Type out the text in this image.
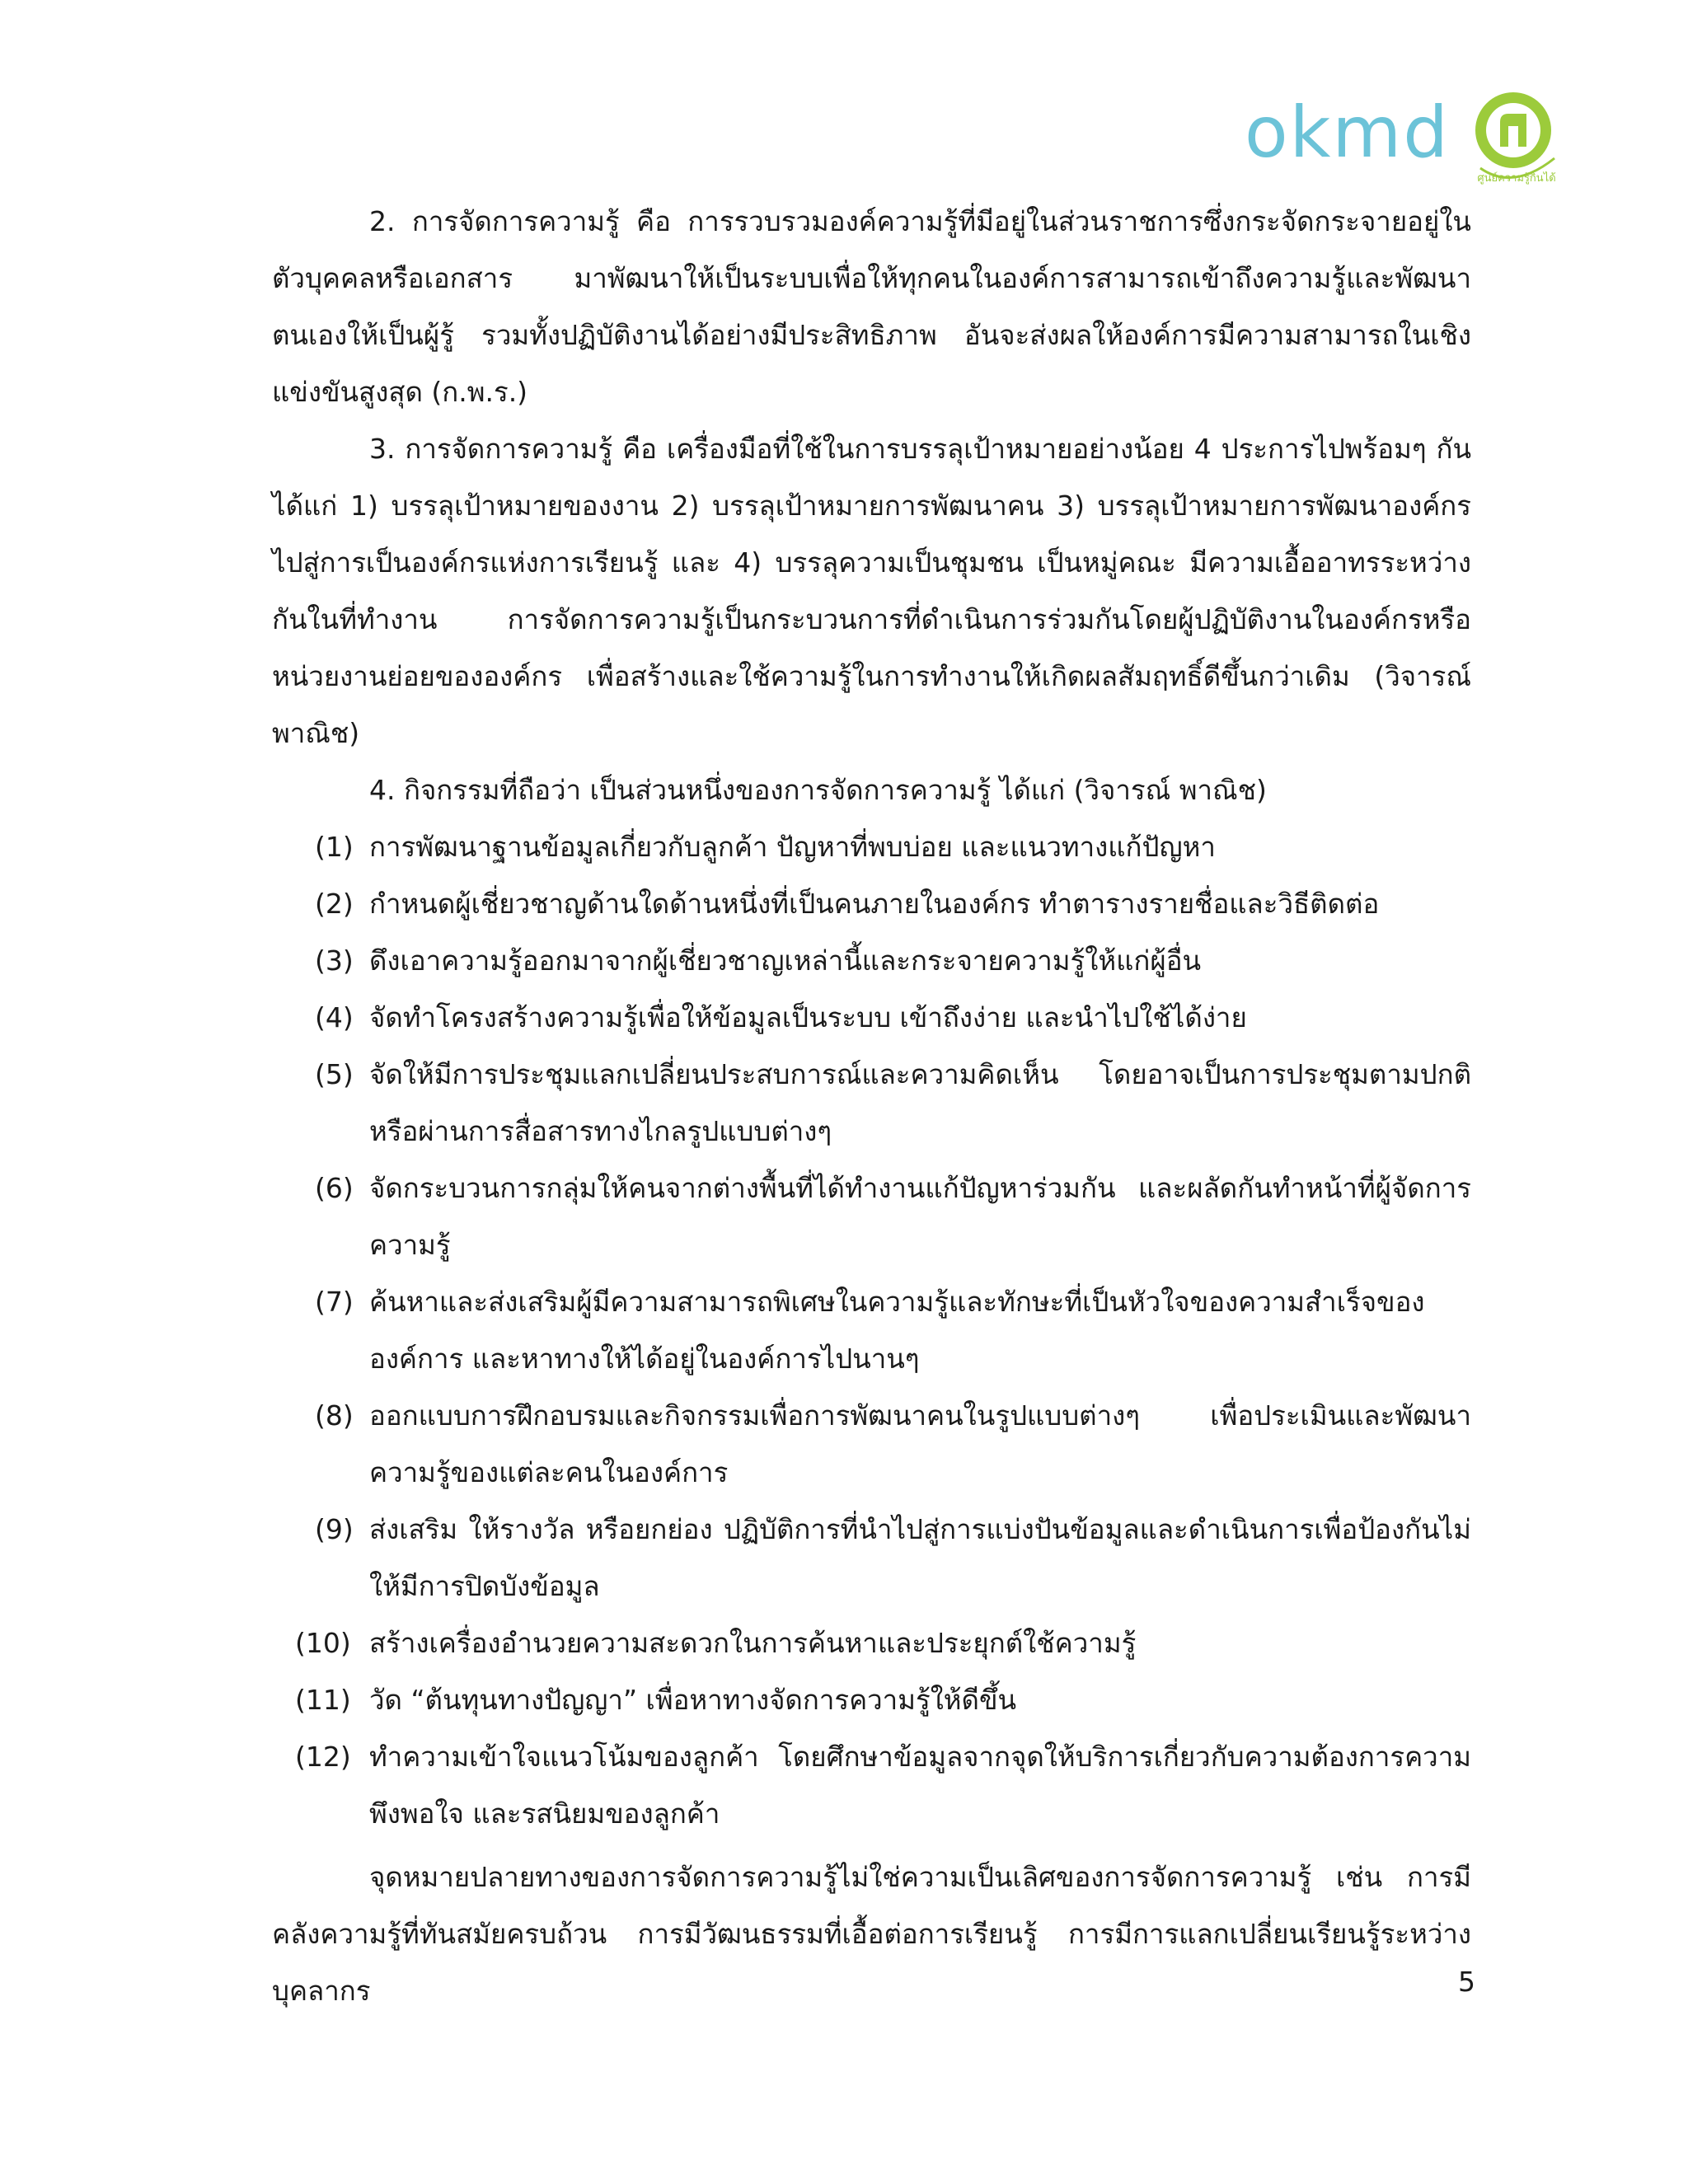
okmd
ศูนย์ความรู้กินได้

2. การจัดการความรู้ คือ การรวบรวมองค์ความรู้ที่มีอยู่ในส่วนราชการซึ่งกระจัดกระจายอยู่ในตัวบุคคลหรือเอกสาร มาพัฒนาให้เป็นระบบเพื่อให้ทุกคนในองค์การสามารถเข้าถึงความรู้และพัฒนาตนเองให้เป็นผู้รู้ รวมทั้งปฏิบัติงานได้อย่างมีประสิทธิภาพ อันจะส่งผลให้องค์การมีความสามารถในเชิงแข่งขันสูงสุด (ก.พ.ร.)

3. การจัดการความรู้ คือ เครื่องมือที่ใช้ในการบรรลุเป้าหมายอย่างน้อย 4 ประการไปพร้อมๆ กัน ได้แก่ 1) บรรลุเป้าหมายของงาน 2) บรรลุเป้าหมายการพัฒนาคน 3) บรรลุเป้าหมายการพัฒนาองค์กร ไปสู่การเป็นองค์กรแห่งการเรียนรู้ และ 4) บรรลุความเป็นชุมชน เป็นหมู่คณะ มีความเอื้ออาทรระหว่างกันในที่ทำงาน การจัดการความรู้เป็นกระบวนการที่ดำเนินการร่วมกันโดยผู้ปฏิบัติงานในองค์กรหรือหน่วยงานย่อยขององค์กร เพื่อสร้างและใช้ความรู้ในการทำงานให้เกิดผลสัมฤทธิ์ดีขึ้นกว่าเดิม (วิจารณ์ พาณิช)

4. กิจกรรมที่ถือว่า เป็นส่วนหนึ่งของการจัดการความรู้ ได้แก่ (วิจารณ์ พาณิช)

(1) การพัฒนาฐานข้อมูลเกี่ยวกับลูกค้า ปัญหาที่พบบ่อย และแนวทางแก้ปัญหา
(2) กำหนดผู้เชี่ยวชาญด้านใดด้านหนึ่งที่เป็นคนภายในองค์กร ทำตารางรายชื่อและวิธีติดต่อ
(3) ดึงเอาความรู้ออกมาจากผู้เชี่ยวชาญเหล่านี้และกระจายความรู้ให้แก่ผู้อื่น
(4) จัดทำโครงสร้างความรู้เพื่อให้ข้อมูลเป็นระบบ เข้าถึงง่าย และนำไปใช้ได้ง่าย
(5) จัดให้มีการประชุมแลกเปลี่ยนประสบการณ์และความคิดเห็น โดยอาจเป็นการประชุมตามปกติหรือผ่านการสื่อสารทางไกลรูปแบบต่างๆ
(6) จัดกระบวนการกลุ่มให้คนจากต่างพื้นที่ได้ทำงานแก้ปัญหาร่วมกัน และผลัดกันทำหน้าที่ผู้จัดการความรู้
(7) ค้นหาและส่งเสริมผู้มีความสามารถพิเศษในความรู้และทักษะที่เป็นหัวใจของความสำเร็จขององค์การ และหาทางให้ได้อยู่ในองค์การไปนานๆ
(8) ออกแบบการฝึกอบรมและกิจกรรมเพื่อการพัฒนาคนในรูปแบบต่างๆ เพื่อประเมินและพัฒนาความรู้ของแต่ละคนในองค์การ
(9) ส่งเสริม ให้รางวัล หรือยกย่อง ปฏิบัติการที่นำไปสู่การแบ่งปันข้อมูลและดำเนินการเพื่อป้องกันไม่ให้มีการปิดบังข้อมูล
(10) สร้างเครื่องอำนวยความสะดวกในการค้นหาและประยุกต์ใช้ความรู้
(11) วัด “ต้นทุนทางปัญญา” เพื่อหาทางจัดการความรู้ให้ดีขึ้น
(12) ทำความเข้าใจแนวโน้มของลูกค้า โดยศึกษาข้อมูลจากจุดให้บริการเกี่ยวกับความต้องการความพึงพอใจ และรสนิยมของลูกค้า

จุดหมายปลายทางของการจัดการความรู้ไม่ใช่ความเป็นเลิศของการจัดการความรู้ เช่น การมีคลังความรู้ที่ทันสมัยครบถ้วน การมีวัฒนธรรมที่เอื้อต่อการเรียนรู้ การมีการแลกเปลี่ยนเรียนรู้ระหว่างบุคลากร	5
